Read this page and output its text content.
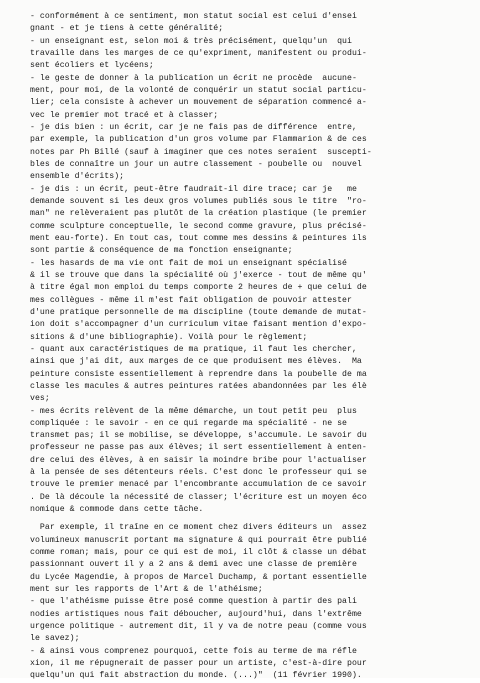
- conformément à ce sentiment, mon statut social est celui d'ensei
gnant - et je tiens à cette généralité;
- un enseignant est, selon moi & très précisément, quelqu'un  qui
travaille dans les marges de ce qu'expriment, manifestent ou produi-
sent écoliers et lycéens;
- le geste de donner à la publication un écrit ne procède  aucune-
ment, pour moi, de la volonté de conquérir un statut social particu-
lier; cela consiste à achever un mouvement de séparation commencé a-
vec le premier mot tracé et à classer;
- je dis bien : un écrit, car je ne fais pas de différence  entre,
par exemple, la publication d'un gros volume par Flammarion & de ces
notes par Ph Billé (sauf à imaginer que ces notes seraient  suscepti-
bles de connaître un jour un autre classement - poubelle ou  nouvel
ensemble d'écrits);
- je dis : un écrit, peut-être faudrait-il dire trace; car je   me
demande souvent si les deux gros volumes publiés sous le titre  "ro-
man" ne relèveraient pas plutôt de la création plastique (le premier
comme sculpture conceptuelle, le second comme gravure, plus précisé-
ment eau-forte). En tout cas, tout comme mes dessins & peintures ils
sont partie & conséquence de ma fonction enseignante;
- les hasards de ma vie ont fait de moi un enseignant spécialisé
& il se trouve que dans la spécialité où j'exerce - tout de même qu'
à titre égal mon emploi du temps comporte 2 heures de + que celui de
mes collègues - même il m'est fait obligation de pouvoir attester
d'une pratique personnelle de ma discipline (toute demande de mutat-
ion doit s'accompagner d'un curriculum vitae faisant mention d'expo-
sitions & d'une bibliographie). Voilà pour le règlement;
- quant aux caractéristiques de ma pratique, il faut les chercher,
ainsi que j'ai dit, aux marges de ce que produisent mes élèves.  Ma
peinture consiste essentiellement à reprendre dans la poubelle de ma
classe les macules & autres peintures ratées abandonnées par les élè
ves;
- mes écrits relèvent de la même démarche, un tout petit peu  plus
compliquée : le savoir - en ce qui regarde ma spécialité - ne se
transmet pas; il se mobilise, se développe, s'accumule. Le savoir du
professeur ne passe pas aux élèves; il sert essentiellement à enten-
dre celui des élèves, à en saisir la moindre bribe pour l'actualiser
à la pensée de ses détenteurs réels. C'est donc le professeur qui se
trouve le premier menacé par l'encombrante accumulation de ce savoir
. De là découle la nécessité de classer; l'écriture est un moyen éco
nomique & commode dans cette tâche.
Par exemple, il traîne en ce moment chez divers éditeurs un  assez
volumineux manuscrit portant ma signature & qui pourrait être publié
comme roman; mais, pour ce qui est de moi, il clôt & classe un débat
passionnant ouvert il y a 2 ans & demi avec une classe de première
du Lycée Magendie, à propos de Marcel Duchamp, & portant essentielle
ment sur les rapports de l'Art & de l'athéisme;
- que l'athéisme puisse être posé comme question à partir des pali
nodies artistiques nous fait déboucher, aujourd'hui, dans l'extrême
urgence politique - autrement dit, il y va de notre peau (comme vous
le savez);
- & ainsi vous comprenez pourquoi, cette fois au terme de ma réfle
xion, il me répugnerait de passer pour un artiste, c'est-à-dire pour
quelqu'un qui fait abstraction du monde. (...)"  (11 février 1990).
